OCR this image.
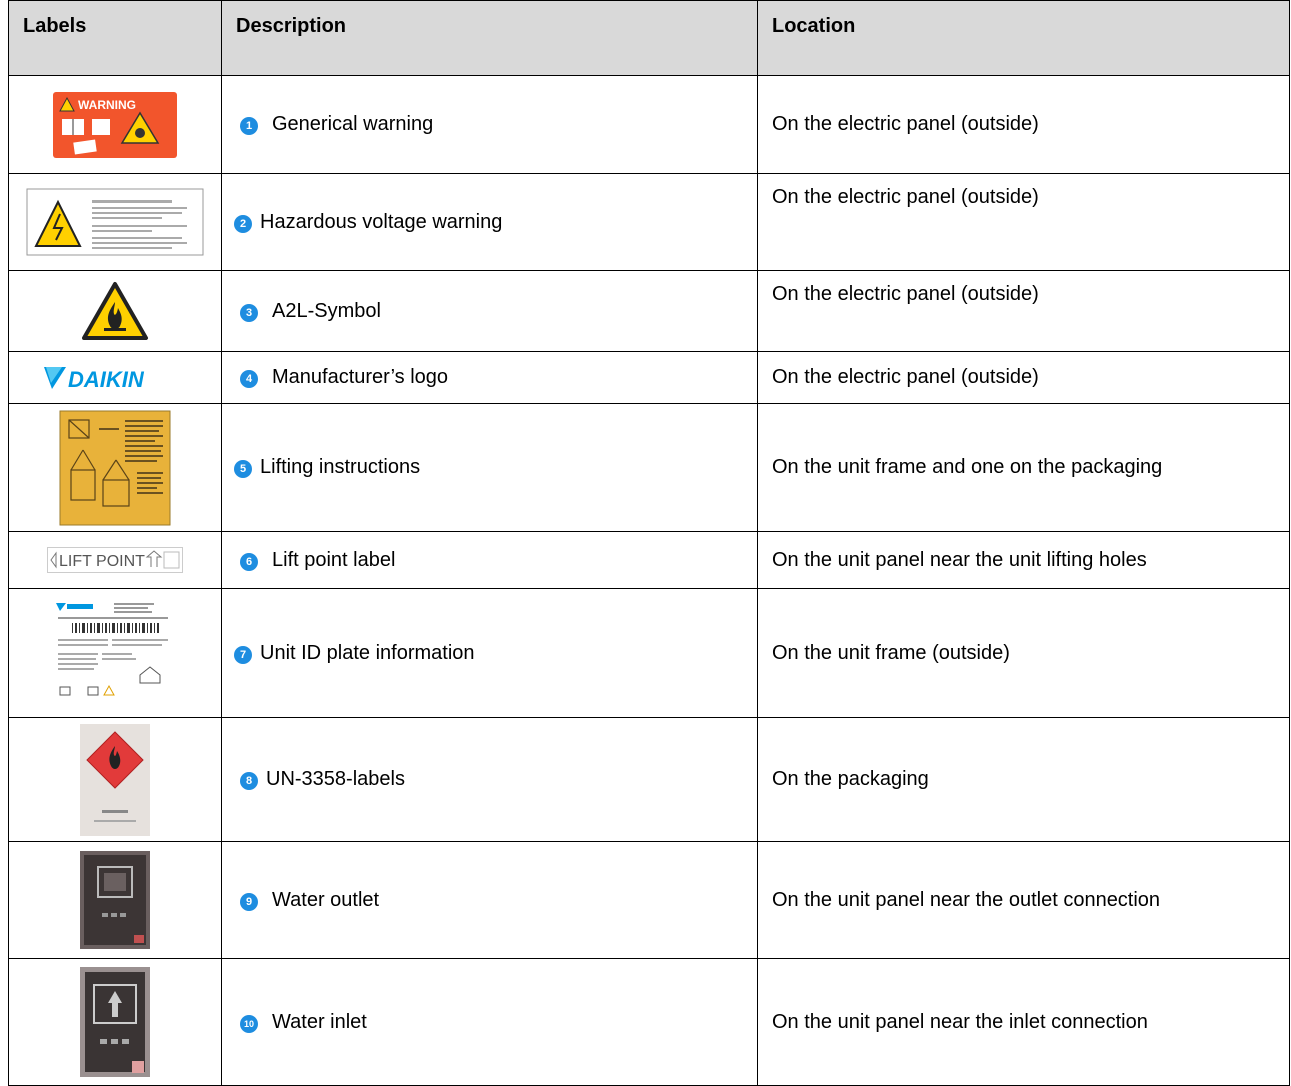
Labels	Description	Location

WARNING	1 Generical warning	On the electric panel (outside)

	2 Hazardous voltage warning	On the electric panel (outside)

	3 A2L-Symbol	On the electric panel (outside)

DAIKIN	4 Manufacturer’s logo	On the electric panel (outside)

	5 Lifting instructions	On the unit frame and one on the packaging

LIFT POINT	6 Lift point label	On the unit panel near the unit lifting holes

	7 Unit ID plate information	On the unit frame (outside)

	8 UN-3358-labels	On the packaging

	9 Water outlet	On the unit panel near the outlet connection

	10 Water inlet	On the unit panel near the inlet connection
